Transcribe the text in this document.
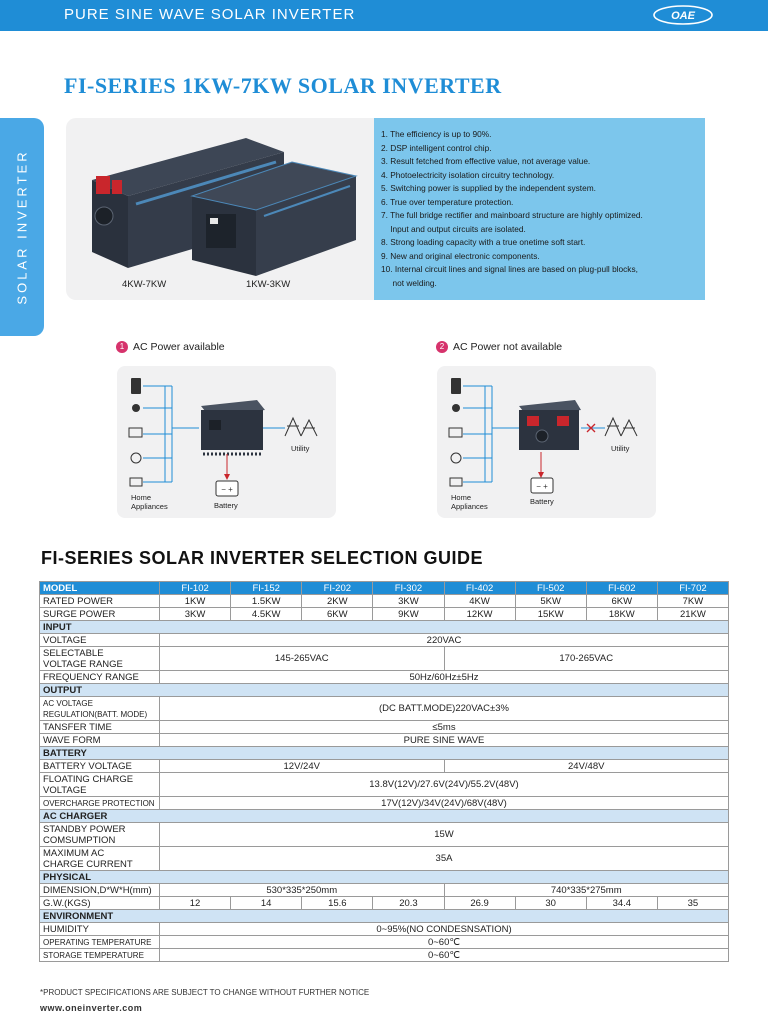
PURE SINE WAVE SOLAR INVERTER	OAE
SOLAR INVERTER
FI-SERIES 1KW-7KW SOLAR INVERTER
4KW-7KW	1KW-3KW
1. The efficiency is up to 90%.
2. DSP intelligent control chip.
3. Result fetched from effective value, not average value.
4. Photoelectricity isolation circuitry technology.
5. Switching power is supplied by the independent system.
6. True over temperature protection.
7. The full bridge rectifier and mainboard structure are highly optimized.
Input and output circuits are isolated.
8. Strong loading capacity with a true onetime soft start.
9. New and original electronic components.
10. Internal circuit lines and signal lines are based on plug-pull blocks,
not welding.
1 AC Power available	2 AC Power not available
− +
Home
Appliances	Battery
Utility
− +
Home
Appliances
Battery
Utility
FI-SERIES SOLAR INVERTER SELECTION GUIDE
MODEL	FI-102	FI-152	FI-202	FI-302	FI-402	FI-502	FI-602	FI-702
RATED POWER	1KW	1.5KW	2KW	3KW	4KW	5KW	6KW	7KW
SURGE POWER	3KW	4.5KW	6KW	9KW	12KW	15KW	18KW	21KW
INPUT								
VOLTAGE	220VAC							
SELECTABLE
VOLTAGE RANGE	145-265VAC				170-265VAC			
FREQUENCY RANGE	50Hz/60Hz±5Hz							
OUTPUT								
AC VOLTAGE
REGULATION(BATT. MODE)	(DC BATT.MODE)220VAC±3%							
TANSFER TIME	≤5ms							
WAVE FORM	PURE SINE WAVE							
BATTERY								
BATTERY VOLTAGE	12V/24V				24V/48V			
FLOATING CHARGE
VOLTAGE	13.8V(12V)/27.6V(24V)/55.2V(48V)							
OVERCHARGE PROTECTION	17V(12V)/34V(24V)/68V(48V)							
AC CHARGER								
STANDBY POWER
COMSUMPTION	15W							
MAXIMUM AC
CHARGE CURRENT	35A							
PHYSICAL								
DIMENSION,D*W*H(mm)	530*335*250mm				740*335*275mm			
G.W.(KGS)	12	14	15.6	20.3	26.9	30	34.4	35
ENVIRONMENT								
HUMIDITY	0~95%(NO CONDESNSATION)							
OPERATING TEMPERATURE	0~60℃							
STORAGE TEMPERATURE	0~60℃							
*PRODUCT SPECIFICATIONS ARE SUBJECT TO CHANGE WITHOUT FURTHER NOTICE
www.oneinverter.com
